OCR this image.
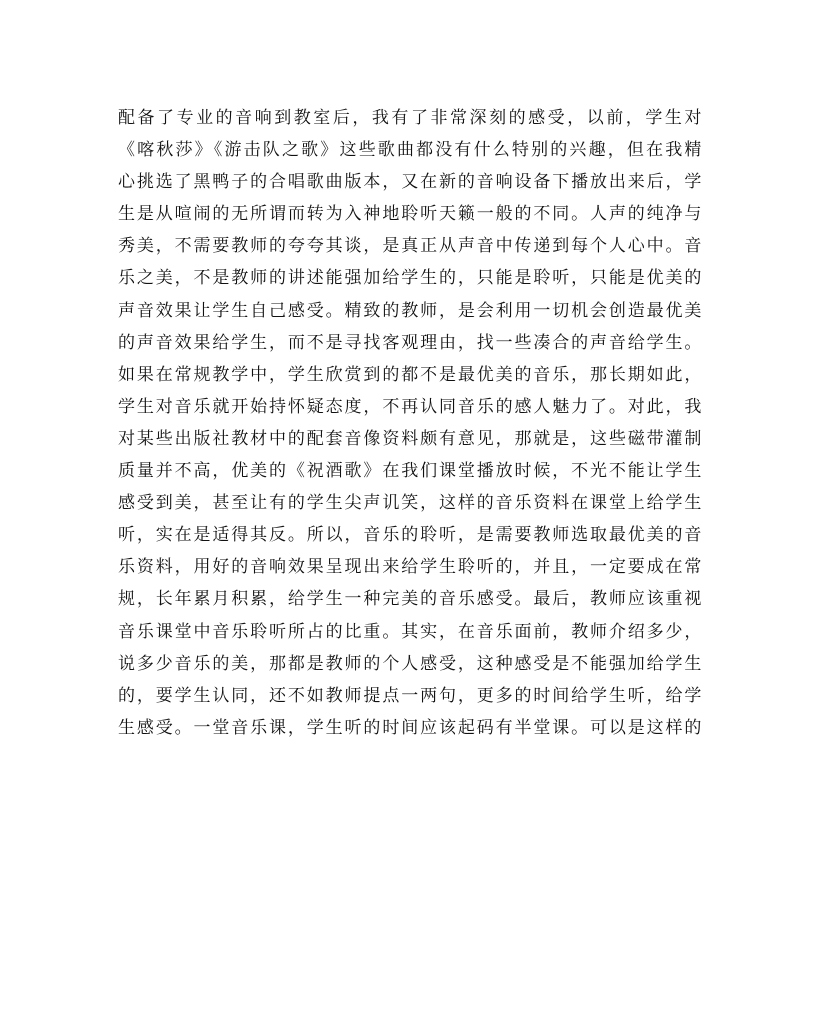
配备了专业的音响到教室后，我有了非常深刻的感受，以前，学生对
《喀秋莎》《游击队之歌》这些歌曲都没有什么特别的兴趣，但在我精
心挑选了黑鸭子的合唱歌曲版本，又在新的音响设备下播放出来后，学
生是从喧闹的无所谓而转为入神地聆听天籁一般的不同。人声的纯净与
秀美，不需要教师的夸夸其谈，是真正从声音中传递到每个人心中。音
乐之美，不是教师的讲述能强加给学生的，只能是聆听，只能是优美的
声音效果让学生自己感受。精致的教师，是会利用一切机会创造最优美
的声音效果给学生，而不是寻找客观理由，找一些凑合的声音给学生。
如果在常规教学中，学生欣赏到的都不是最优美的音乐，那长期如此，
学生对音乐就开始持怀疑态度，不再认同音乐的感人魅力了。对此，我
对某些出版社教材中的配套音像资料颇有意见，那就是，这些磁带灌制
质量并不高，优美的《祝酒歌》在我们课堂播放时候，不光不能让学生
感受到美，甚至让有的学生尖声讥笑，这样的音乐资料在课堂上给学生
听，实在是适得其反。所以，音乐的聆听，是需要教师选取最优美的音
乐资料，用好的音响效果呈现出来给学生聆听的，并且，一定要成在常
规，长年累月积累，给学生一种完美的音乐感受。最后，教师应该重视
音乐课堂中音乐聆听所占的比重。其实，在音乐面前，教师介绍多少，
说多少音乐的美，那都是教师的个人感受，这种感受是不能强加给学生
的，要学生认同，还不如教师提点一两句，更多的时间给学生听，给学
生感受。一堂音乐课，学生听的时间应该起码有半堂课。可以是这样的
